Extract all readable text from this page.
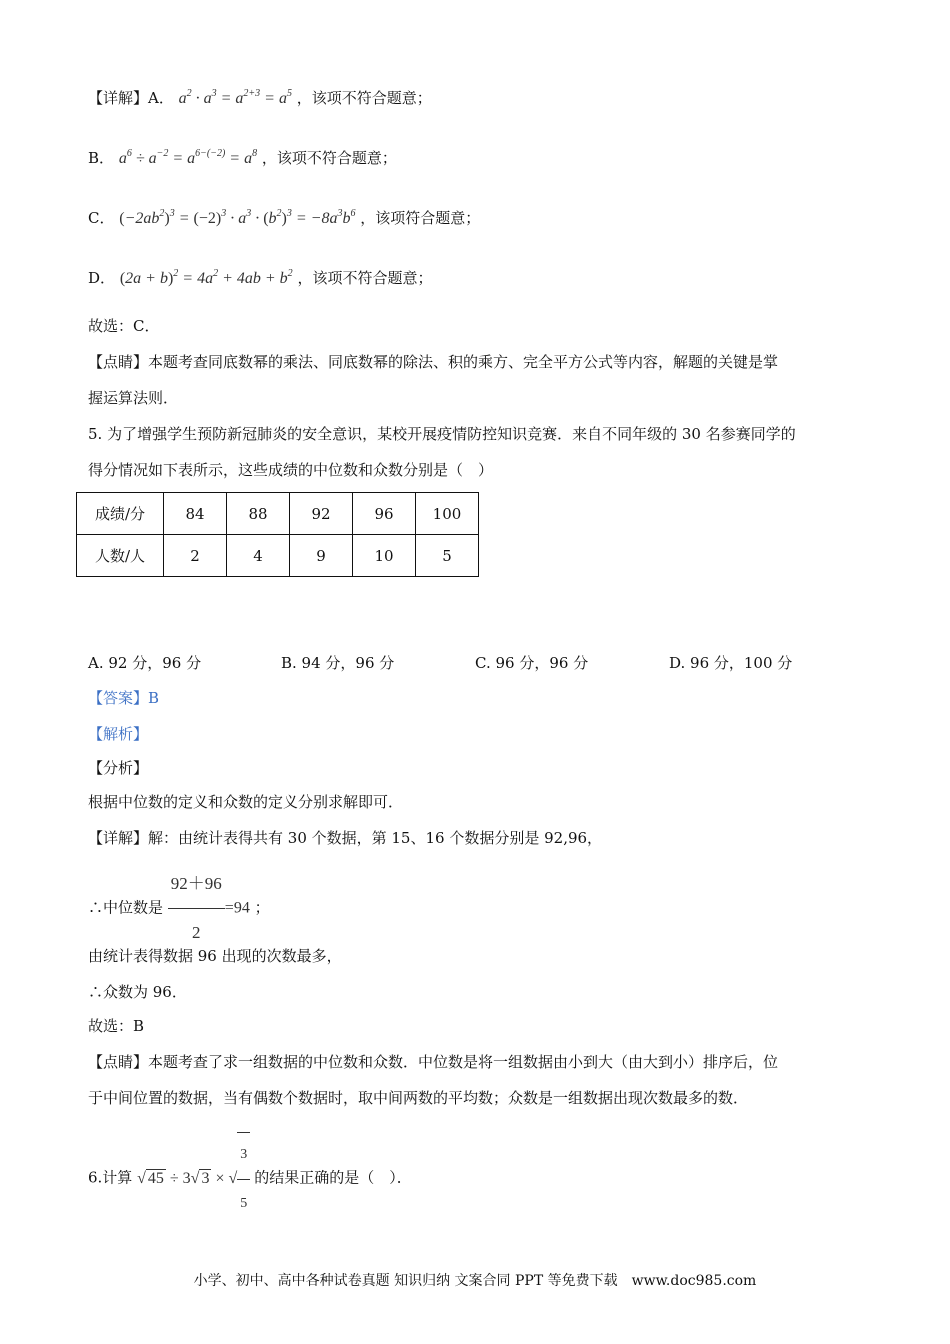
【详解】A． $a^2 \cdot a^3 = a^{2+3} = a^5$ ，该项不符合题意；
B． $a^6 \div a^{-2} = a^{6-(-2)} = a^8$ ，该项不符合题意；
C． $(-2ab^2)^3 = (-2)^3 \cdot a^3 \cdot (b^2)^3 = -8a^3b^6$ ，该项符合题意；
D． $(2a + b)^2 = 4a^2 + 4ab + b^2$ ，该项不符合题意；
故选：C．
【点睛】本题考查同底数幂的乘法、同底数幂的除法、积的乘方、完全平方公式等内容，解题的关键是掌
握运算法则．
5. 为了增强学生预防新冠肺炎的安全意识，某校开展疫情防控知识竞赛．来自不同年级的 30 名参赛同学的
得分情况如下表所示，这些成绩的中位数和众数分别是（　）
成绩/分	84	88	92	96	100
人数/人	2	4	9	10	5
A. 92 分，96 分	B. 94 分，96 分	C. 96 分，96 分	D. 96 分，100 分
【答案】B
【解析】
【分析】
根据中位数的定义和众数的定义分别求解即可．
【详解】解：由统计表得共有 30 个数据，第 15、16 个数据分别是 92,96，
∴中位数是 $\frac{92+96}{2} =94$ ；
由统计表得数据 96 出现的次数最多，
∴众数为 96．
故选：B
【点睛】本题考查了求一组数据的中位数和众数．中位数是将一组数据由小到大（由大到小）排序后，位
于中间位置的数据，当有偶数个数据时，取中间两数的平均数；众数是一组数据出现次数最多的数．
6.计算 √ 45 ÷ 3√ 3 × √ $\frac{3}{5}$ 的结果正确的是（　）．
小学、初中、高中各种试卷真题 知识归纳 文案合同 PPT 等免费下载　www.doc985.com
